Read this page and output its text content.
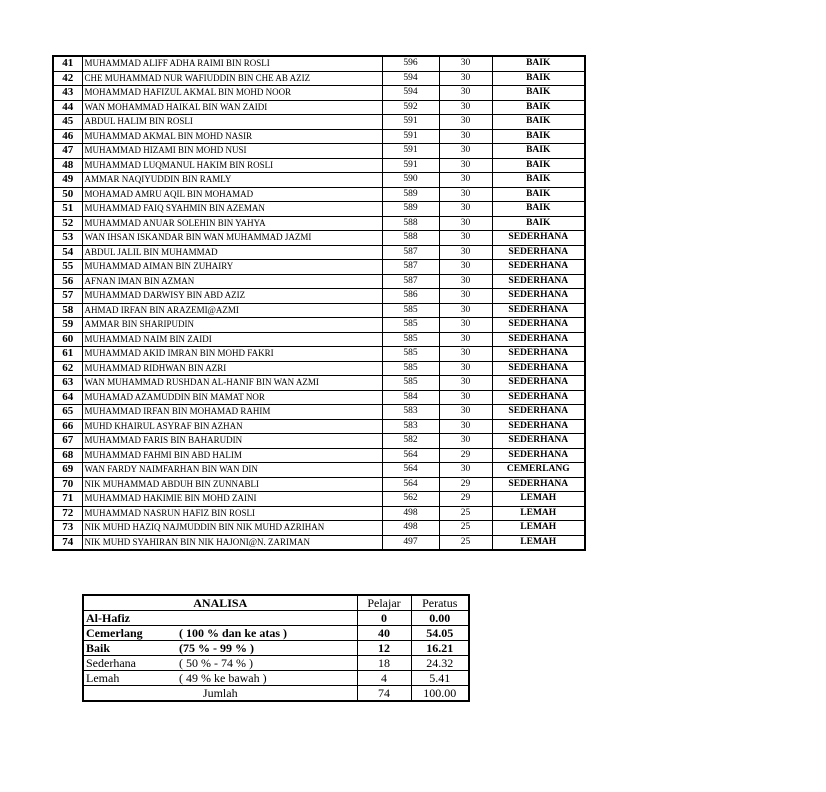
41	MUHAMMAD ALIFF ADHA RAIMI BIN ROSLI	596	30	BAIK
42	CHE MUHAMMAD NUR WAFIUDDIN BIN CHE AB AZIZ	594	30	BAIK
43	MOHAMMAD HAFIZUL AKMAL BIN MOHD NOOR	594	30	BAIK
44	WAN MOHAMMAD HAIKAL BIN WAN ZAIDI	592	30	BAIK
45	ABDUL HALIM BIN ROSLI	591	30	BAIK
46	MUHAMMAD AKMAL BIN MOHD NASIR	591	30	BAIK
47	MUHAMMAD HIZAMI BIN MOHD NUSI	591	30	BAIK
48	MUHAMMAD LUQMANUL HAKIM BIN ROSLI	591	30	BAIK
49	AMMAR NAQIYUDDIN BIN RAMLY	590	30	BAIK
50	MOHAMAD AMRU AQIL BIN MOHAMAD	589	30	BAIK
51	MUHAMMAD FAIQ SYAHMIN BIN AZEMAN	589	30	BAIK
52	MUHAMMAD ANUAR SOLEHIN BIN YAHYA	588	30	BAIK
53	WAN IHSAN ISKANDAR BIN WAN MUHAMMAD JAZMI	588	30	SEDERHANA
54	ABDUL JALIL BIN MUHAMMAD	587	30	SEDERHANA
55	MUHAMMAD AIMAN BIN ZUHAIRY	587	30	SEDERHANA
56	AFNAN IMAN BIN AZMAN	587	30	SEDERHANA
57	MUHAMMAD DARWISY BIN ABD AZIZ	586	30	SEDERHANA
58	AHMAD IRFAN BIN ARAZEMI@AZMI	585	30	SEDERHANA
59	AMMAR BIN SHARIPUDIN	585	30	SEDERHANA
60	MUHAMMAD NAIM BIN ZAIDI	585	30	SEDERHANA
61	MUHAMMAD AKID IMRAN BIN MOHD FAKRI	585	30	SEDERHANA
62	MUHAMMAD RIDHWAN BIN AZRI	585	30	SEDERHANA
63	WAN MUHAMMAD RUSHDAN AL-HANIF BIN WAN AZMI	585	30	SEDERHANA
64	MUHAMAD AZAMUDDIN BIN MAMAT NOR	584	30	SEDERHANA
65	MUHAMMAD IRFAN BIN MOHAMAD RAHIM	583	30	SEDERHANA
66	MUHD KHAIRUL ASYRAF BIN AZHAN	583	30	SEDERHANA
67	MUHAMMAD FARIS BIN BAHARUDIN	582	30	SEDERHANA
68	MUHAMMAD FAHMI BIN ABD HALIM	564	29	SEDERHANA
69	WAN FARDY NAIMFARHAN BIN WAN DIN	564	30	CEMERLANG
70	NIK MUHAMMAD ABDUH BIN ZUNNABLI	564	29	SEDERHANA
71	MUHAMMAD HAKIMIE BIN MOHD ZAINI	562	29	LEMAH
72	MUHAMMAD NASRUN HAFIZ BIN ROSLI	498	25	LEMAH
73	NIK MUHD HAZIQ NAJMUDDIN BIN NIK MUHD AZRIHAN	498	25	LEMAH
74	NIK MUHD SYAHIRAN BIN NIK HAJONI@N. ZARIMAN	497	25	LEMAH
ANALISA		Pelajar	Peratus
Al-Hafiz		0	0.00
Cemerlang	( 100 % dan ke atas )	40	54.05
Baik	(75 % - 99 % )	12	16.21
Sederhana	( 50 % - 74 % )	18	24.32
Lemah	( 49 % ke bawah )	4	5.41
Jumlah		74	100.00
